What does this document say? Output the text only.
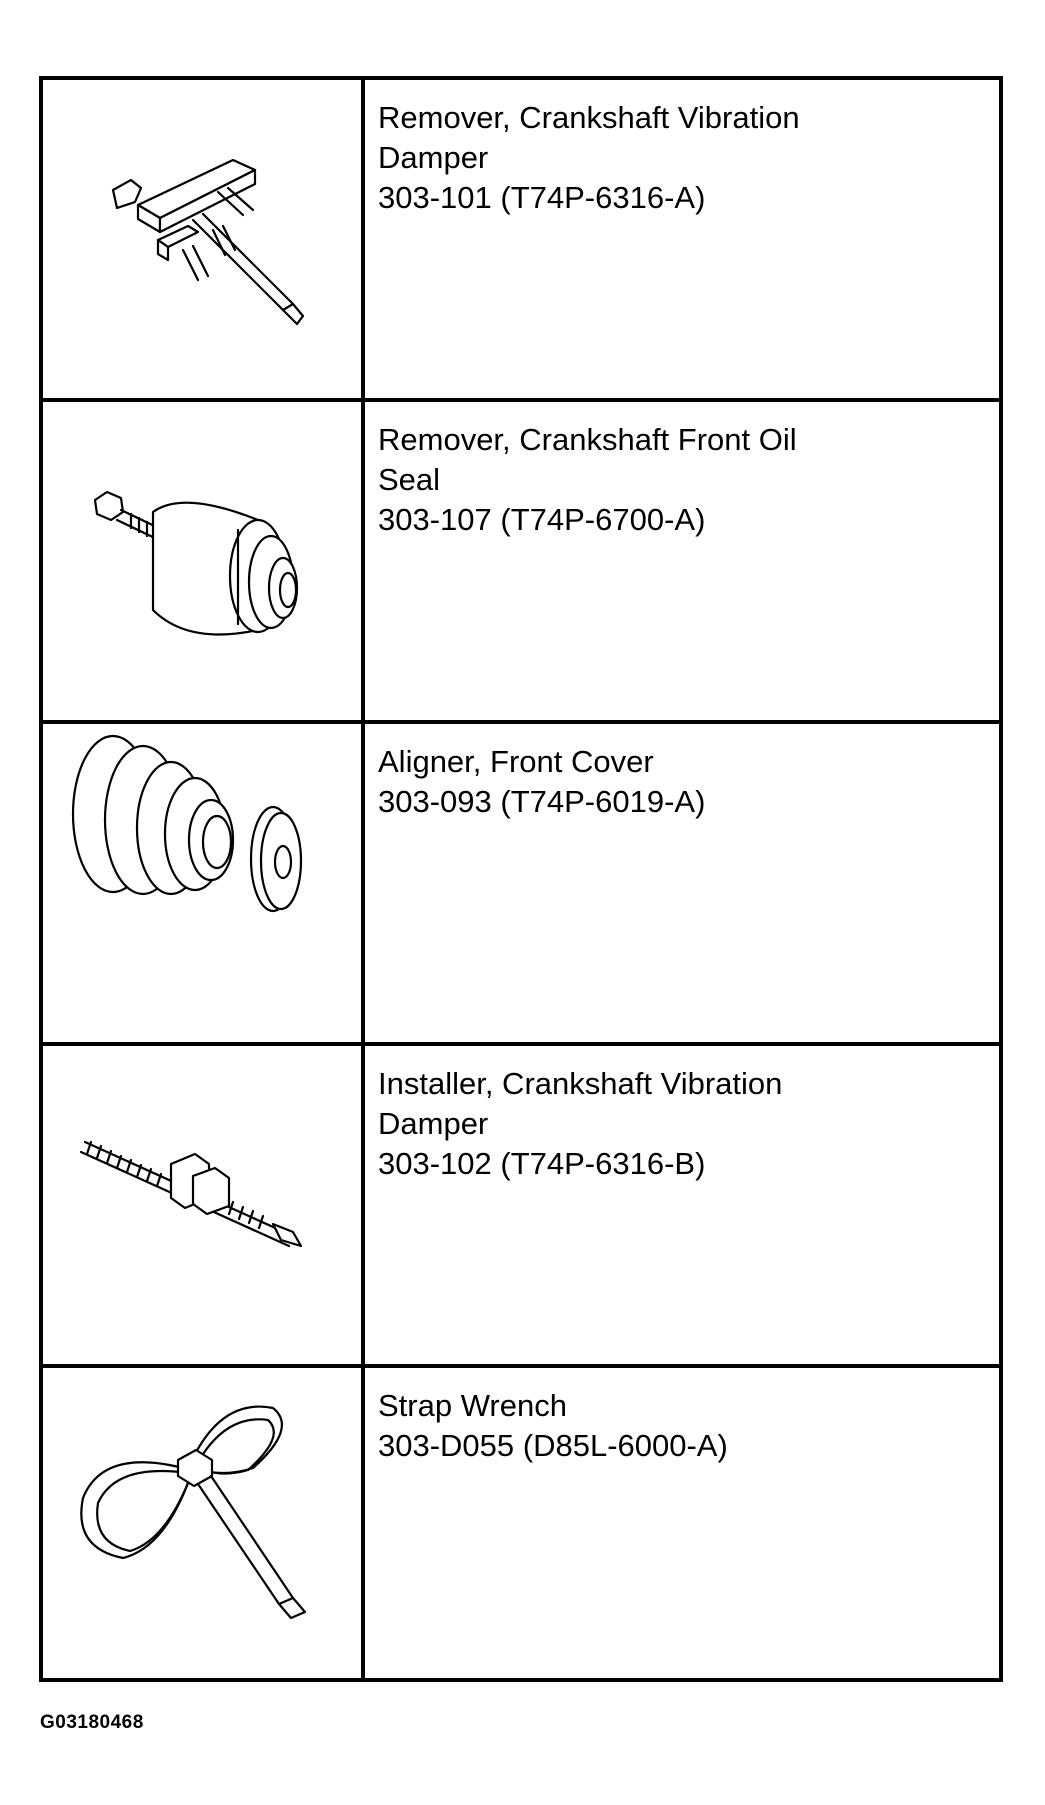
Remover, Crankshaft Vibration
Damper
303-101 (T74P-6316-A)
Remover, Crankshaft Front Oil
Seal
303-107 (T74P-6700-A)
Aligner, Front Cover
303-093 (T74P-6019-A)
Installer, Crankshaft Vibration
Damper
303-102 (T74P-6316-B)
Strap Wrench
303-D055 (D85L-6000-A)
G03180468
